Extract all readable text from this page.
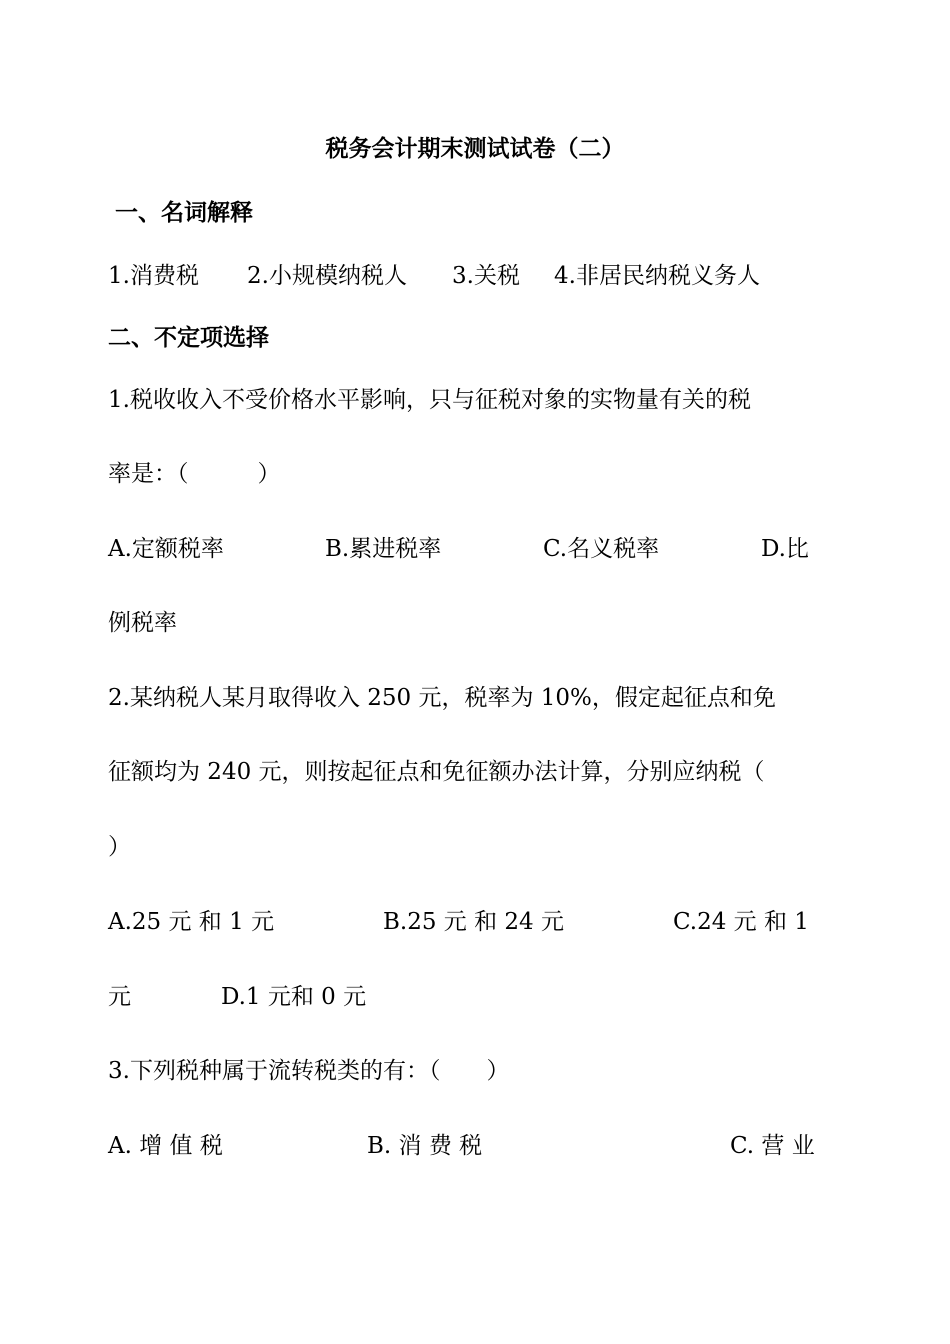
税务会计期末测试试卷（二）
一、名词解释
1.消费税 2.小规模纳税人 3.关税 4.非居民纳税义务人
二、不定项选择
1.税收收入不受价格水平影响，只与征税对象的实物量有关的税
率是：（　　　）
A.定额税率	B.累进税率	C.名义税率	D.比
例税率
2.某纳税人某月取得收入 250 元，税率为 10%，假定起征点和免
征额均为 240 元，则按起征点和免征额办法计算，分别应纳税（
）
A.25 元 和 1 元	B.25 元 和 24 元	C.24 元 和 1
元	D.1 元和 0 元
3.下列税种属于流转税类的有：（　　）
A. 增 值 税	B. 消 费 税	C. 营 业
